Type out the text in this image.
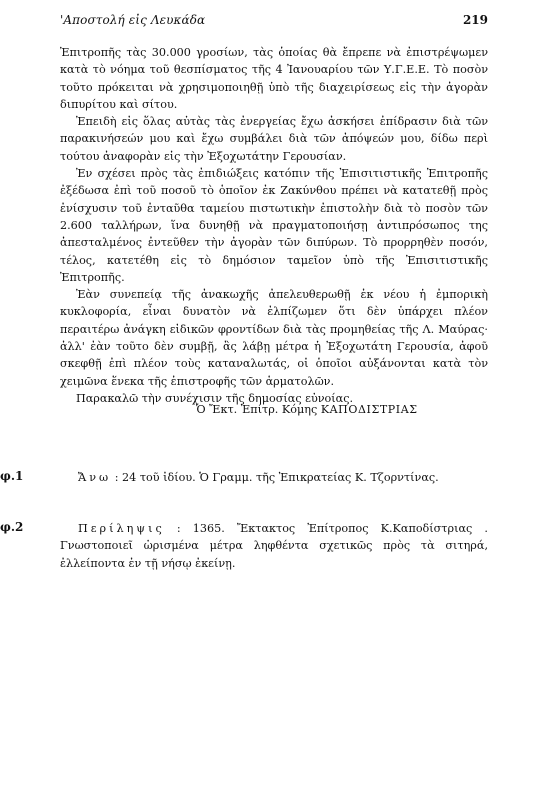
'Αποστολή εἰς Λευκάδα	219

Ἐπιτροπῆς τὰς 30.000 γροσίων, τὰς ὁποίας θὰ ἔπρεπε νὰ ἐπιστρέψωμεν κατὰ τὸ νόημα τοῦ θεσπίσματος τῆς 4 Ἰανουαρίου τῶν Υ.Γ.Ε.Ε. Τὸ ποσὸν τοῦτο πρόκειται νὰ χρησιμοποιηθῇ ὑπὸ τῆς διαχειρίσεως εἰς τὴν ἀγορὰν διπυρίτου καὶ σίτου.

Ἐπειδὴ εἰς ὅλας αὐτὰς τὰς ἐνεργείας ἔχω ἀσκήσει ἐπίδρασιν διὰ τῶν παρακινήσεών μου καὶ ἔχω συμβάλει διὰ τῶν ἀπόψεών μου, δίδω περὶ τούτου ἀναφορὰν εἰς τὴν Ἐξοχωτάτην Γερουσίαν.

Ἐν σχέσει πρὸς τὰς ἐπιδιώξεις κατόπιν τῆς Ἐπισιτιστικῆς Ἐπιτροπῆς ἐξέδωσα ἐπὶ τοῦ ποσοῦ τὸ ὁποῖον ἐκ Ζακύνθου πρέπει νὰ κατατεθῇ πρὸς ἐνίσχυσιν τοῦ ἐνταῦθα ταμείου πιστωτικὴν ἐπιστολὴν διὰ τὸ ποσὸν τῶν 2.600 ταλλήρων, ἵνα δυνηθῇ νὰ πραγματοποιήσῃ ἀντιπρόσωπος της ἀπεσταλμένος ἐντεῦθεν τὴν ἀγορὰν τῶν διπύρων. Τὸ προρρηθὲν ποσόν, τέλος, κατετέθη εἰς τὸ δημόσιον ταμεῖον ὑπὸ τῆς Ἐπισιτιστικῆς Ἐπιτροπῆς.

Ἐὰν συνεπείᾳ τῆς ἀνακωχῆς ἀπελευθερωθῇ ἐκ νέου ἡ ἐμπορικὴ κυκλοφορία, εἶναι δυνατὸν νὰ ἐλπίζωμεν ὅτι δὲν ὑπάρχει πλέον περαιτέρω ἀνάγκη εἰδικῶν φροντίδων διὰ τὰς προμηθείας τῆς Λ. Μαύρας· ἀλλ' ἐὰν τοῦτο δὲν συμβῇ, ἂς λάβῃ μέτρα ἡ Ἐξοχωτάτη Γερουσία, ἀφοῦ σκεφθῇ ἐπὶ πλέον τοὺς καταναλωτάς, οἱ ὁποῖοι αὐξάνονται κατὰ τὸν χειμῶνα ἕνεκα τῆς ἐπιστροφῆς τῶν ἁρματολῶν.

Παρακαλῶ τὴν συνέχισιν τῆς δημοσίας εὐνοίας.

Ὁ Ἔκτ. Ἐπίτρ. Κόμης ΚΑΠΟΔΙΣΤΡΙΑΣ
φ.1	Ἄνω : 24 τοῦ ἰδίου. Ὁ Γραμμ. τῆς Ἐπικρατείας Κ. Τζορντίνας.
φ.2	Περίληψις : 1365. Ἔκτακτος Ἐπίτροπος Κ.Καποδίστριας . Γνωστοποιεῖ ὡρισμένα μέτρα ληφθέντα σχετικῶς πρὸς τὰ σιτηρά, ἐλλείποντα ἐν τῇ νήσῳ ἐκείνῃ.
